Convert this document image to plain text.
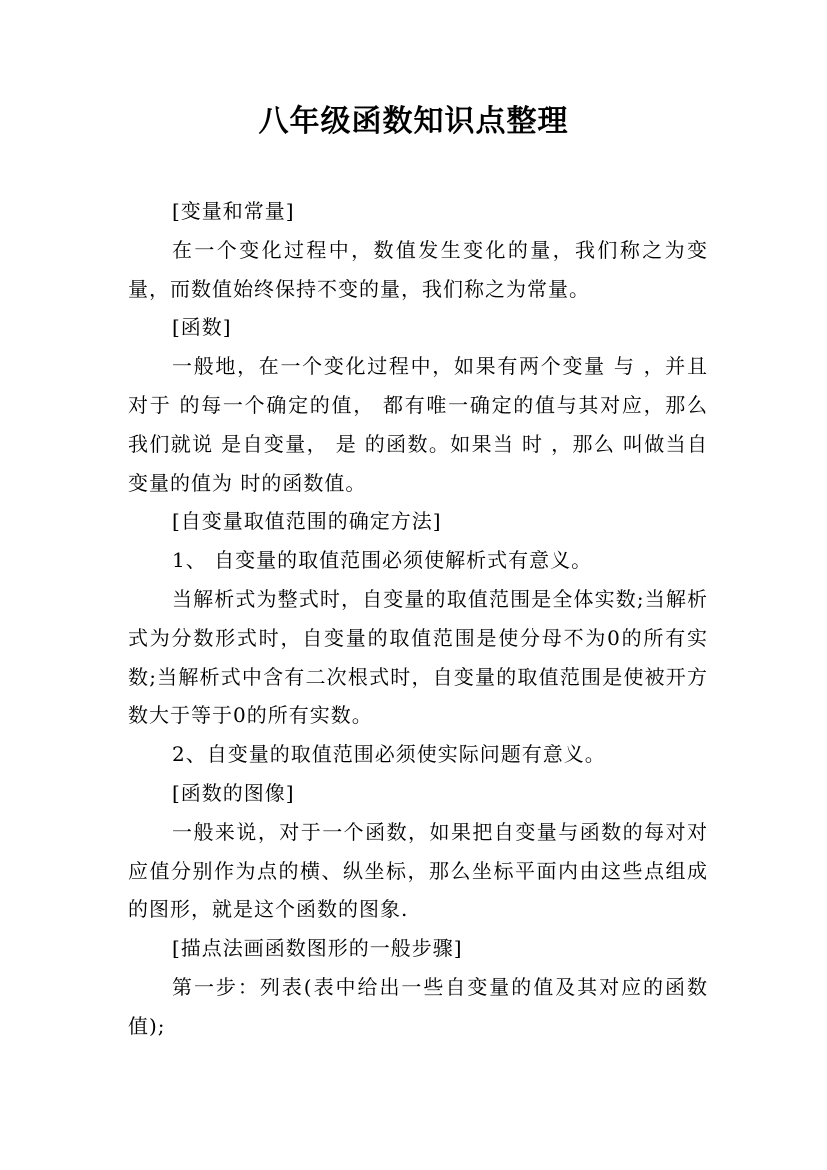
八年级函数知识点整理

[变量和常量]

在一个变化过程中，数值发生变化的量，我们称之为变量，而数值始终保持不变的量，我们称之为常量。

[函数]

一般地，在一个变化过程中，如果有两个变量 与 ，并且对于 的每一个确定的值， 都有唯一确定的值与其对应，那么我们就说 是自变量， 是 的函数。如果当 时 ，那么 叫做当自变量的值为 时的函数值。

[自变量取值范围的确定方法]

1、 自变量的取值范围必须使解析式有意义。

当解析式为整式时，自变量的取值范围是全体实数;当解析式为分数形式时，自变量的取值范围是使分母不为0的所有实数;当解析式中含有二次根式时，自变量的取值范围是使被开方数大于等于0的所有实数。

2、自变量的取值范围必须使实际问题有意义。

[函数的图像]

一般来说，对于一个函数，如果把自变量与函数的每对对应值分别作为点的横、纵坐标，那么坐标平面内由这些点组成的图形，就是这个函数的图象.

[描点法画函数图形的一般步骤]

第一步：列表(表中给出一些自变量的值及其对应的函数值);
